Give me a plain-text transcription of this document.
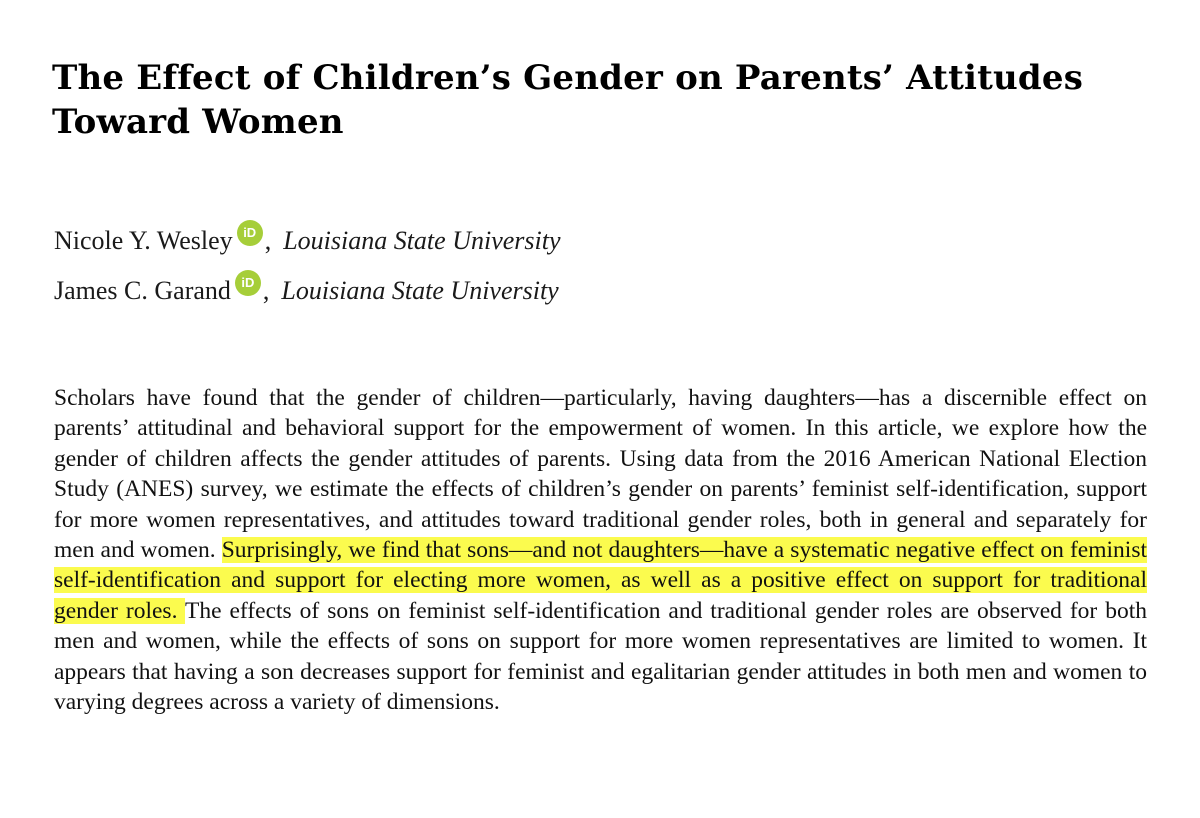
The Effect of Children’s Gender on Parents’ Attitudes Toward Women
Nicole Y. Wesley iD , Louisiana State University
James C. Garand iD , Louisiana State University

Scholars have found that the gender of children—particularly, having daughters—has a discernible effect on parents’ attitudinal and behavioral support for the empowerment of women. In this article, we explore how the gender of children affects the gender attitudes of parents. Using data from the 2016 American National Election Study (ANES) survey, we estimate the effects of children’s gender on parents’ feminist self-identification, support for more women representatives, and attitudes toward traditional gender roles, both in general and separately for men and women. Surprisingly, we find that sons—and not daughters—have a systematic negative effect on feminist self-identification and support for electing more women, as well as a positive effect on support for traditional gender roles. The effects of sons on feminist self-identification and traditional gender roles are observed for both men and women, while the effects of sons on support for more women representatives are limited to women. It appears that having a son decreases support for feminist and egalitarian gender attitudes in both men and women to varying degrees across a variety of dimensions.
